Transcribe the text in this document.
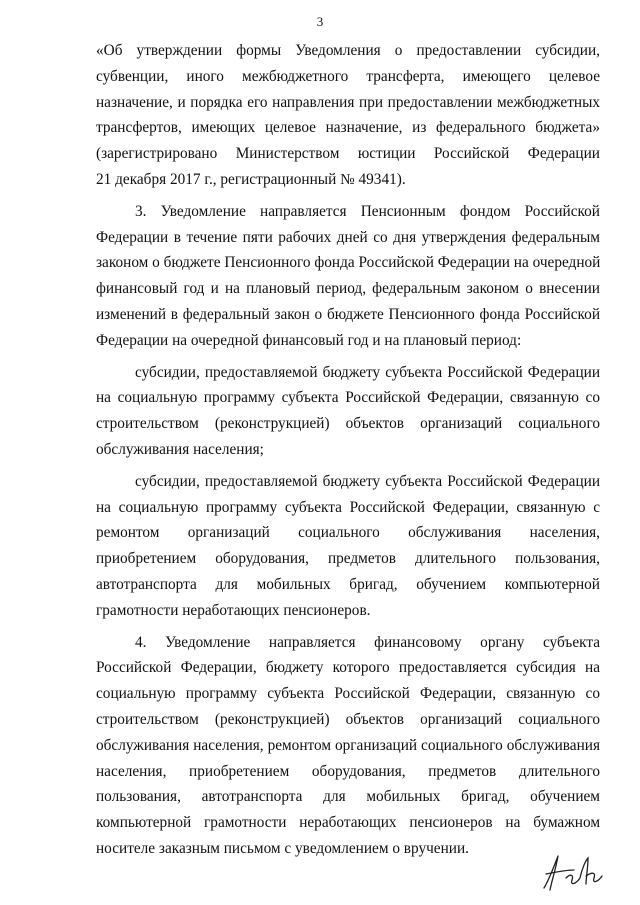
3

«Об утверждении формы Уведомления о предоставлении субсидии,
субвенции, иного межбюджетного трансферта, имеющего целевое
назначение, и порядка его направления при предоставлении межбюджетных
трансфертов, имеющих целевое назначение, из федерального бюджета»
(зарегистрировано Министерством юстиции Российской Федерации
21 декабря 2017 г., регистрационный № 49341).

3. Уведомление направляется Пенсионным фондом Российской
Федерации в течение пяти рабочих дней со дня утверждения федеральным
законом о бюджете Пенсионного фонда Российской Федерации на очередной
финансовый год и на плановый период, федеральным законом о внесении
изменений в федеральный закон о бюджете Пенсионного фонда Российской
Федерации на очередной финансовый год и на плановый период:

субсидии, предоставляемой бюджету субъекта Российской Федерации
на социальную программу субъекта Российской Федерации, связанную со
строительством (реконструкцией) объектов организаций социального
обслуживания населения;

субсидии, предоставляемой бюджету субъекта Российской Федерации
на социальную программу субъекта Российской Федерации, связанную с
ремонтом организаций социального обслуживания населения,
приобретением оборудования, предметов длительного пользования,
автотранспорта для мобильных бригад, обучением компьютерной
грамотности неработающих пенсионеров.

4. Уведомление направляется финансовому органу субъекта
Российской Федерации, бюджету которого предоставляется субсидия на
социальную программу субъекта Российской Федерации, связанную со
строительством (реконструкцией) объектов организаций социального
обслуживания населения, ремонтом организаций социального обслуживания
населения, приобретением оборудования, предметов длительного
пользования, автотранспорта для мобильных бригад, обучением
компьютерной грамотности неработающих пенсионеров на бумажном
носителе заказным письмом с уведомлением о вручении.
